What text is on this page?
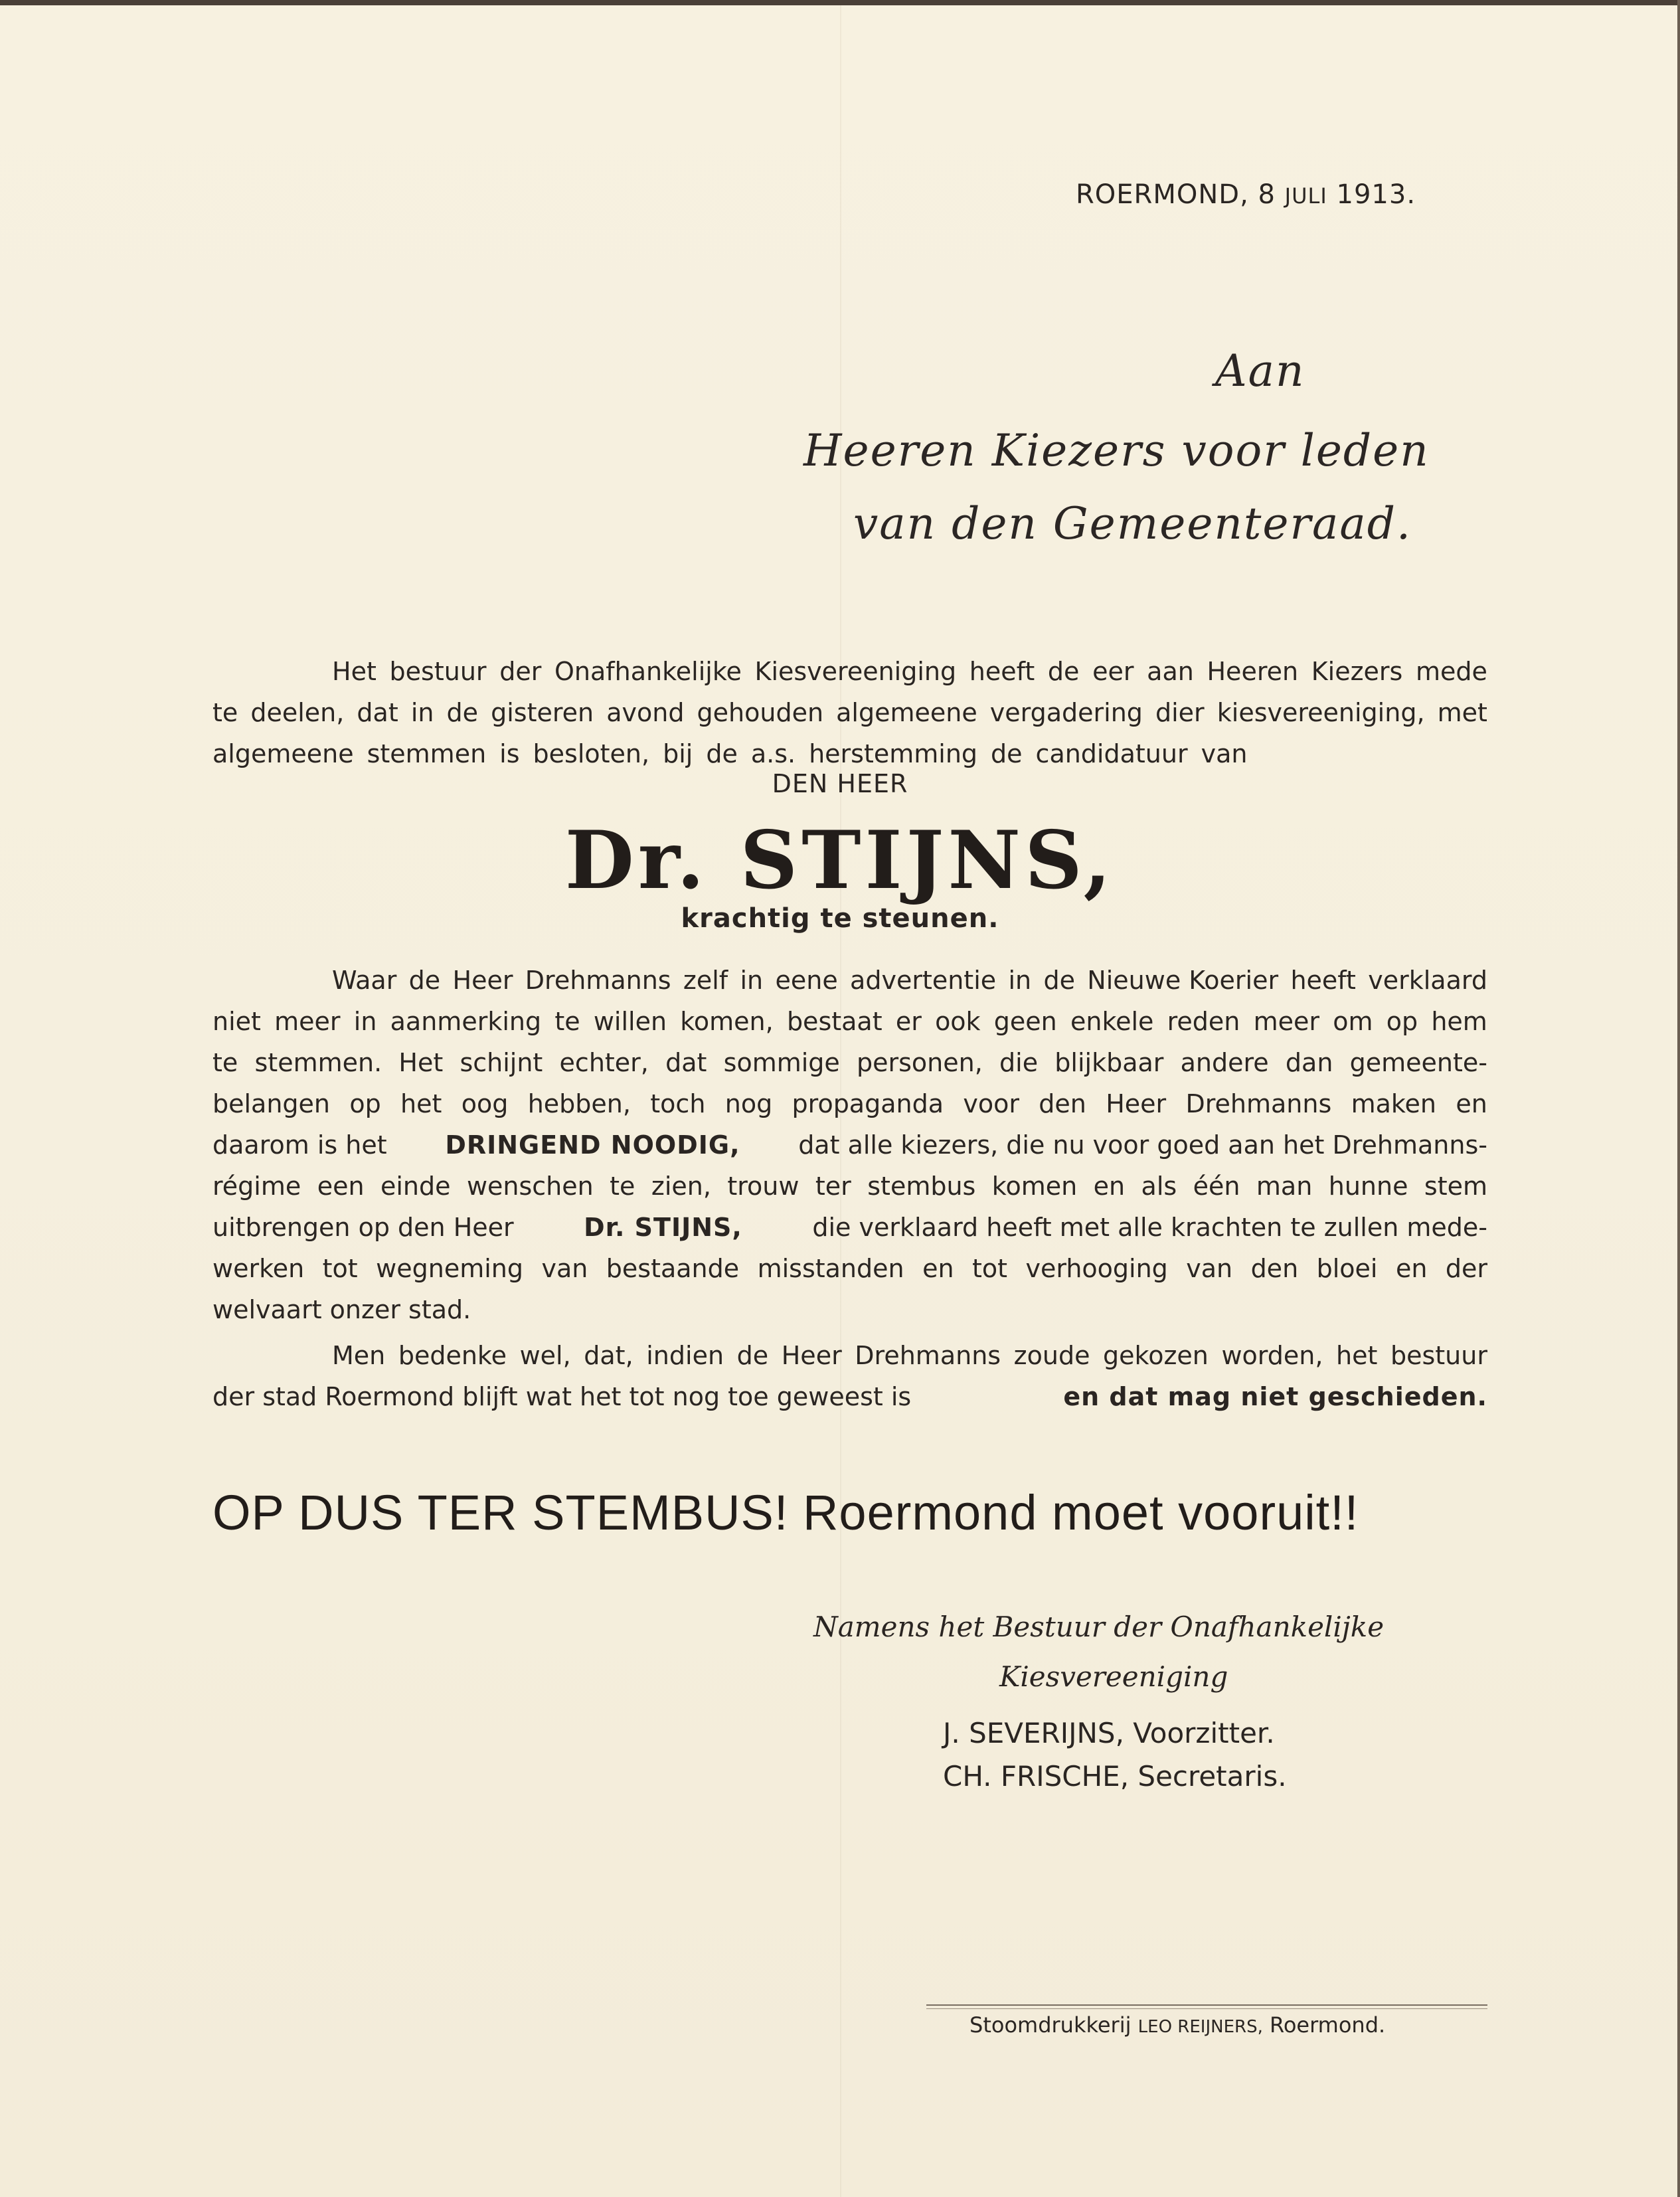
ROERMOND, 8 JULI 1913.
Aan
Heeren Kiezers voor leden
van den Gemeenteraad.
Het bestuur der Onafhankelijke Kiesvereeniging heeft de eer aan Heeren Kiezers mede
te deelen, dat in de gisteren avond gehouden algemeene vergadering dier kiesvereeniging, met
algemeene stemmen is besloten, bij de a.s. herstemming de candidatuur van
DEN HEER
Dr. STIJNS,
krachtig te steunen.
Waar de Heer Drehmanns zelf in eene advertentie in de Nieuwe Koerier heeft verklaard
niet meer in aanmerking te willen komen, bestaat er ook geen enkele reden meer om op hem
te stemmen. Het schijnt echter, dat sommige personen, die blijkbaar andere dan gemeente-
belangen op het oog hebben, toch nog propaganda voor den Heer Drehmanns maken en
daarom is het DRINGEND NOODIG, dat alle kiezers, die nu voor goed aan het Drehmanns-
régime een einde wenschen te zien, trouw ter stembus komen en als één man hunne stem
uitbrengen op den Heer	Dr. STIJNS,	die verklaard heeft met alle krachten te zullen mede-
werken tot wegneming van bestaande misstanden en tot verhooging van den bloei en der
welvaart onzer stad.
Men bedenke wel, dat, indien de Heer Drehmanns zoude gekozen worden, het bestuur
der stad Roermond blijft wat het tot nog toe geweest is	en dat mag niet geschieden.
OP DUS TER STEMBUS! Roermond moet vooruit!!
Namens het Bestuur der Onafhankelijke
Kiesvereeniging
J. SEVERIJNS, Voorzitter.
CH. FRISCHE, Secretaris.
Stoomdrukkerij LEO REIJNERS, Roermond.
